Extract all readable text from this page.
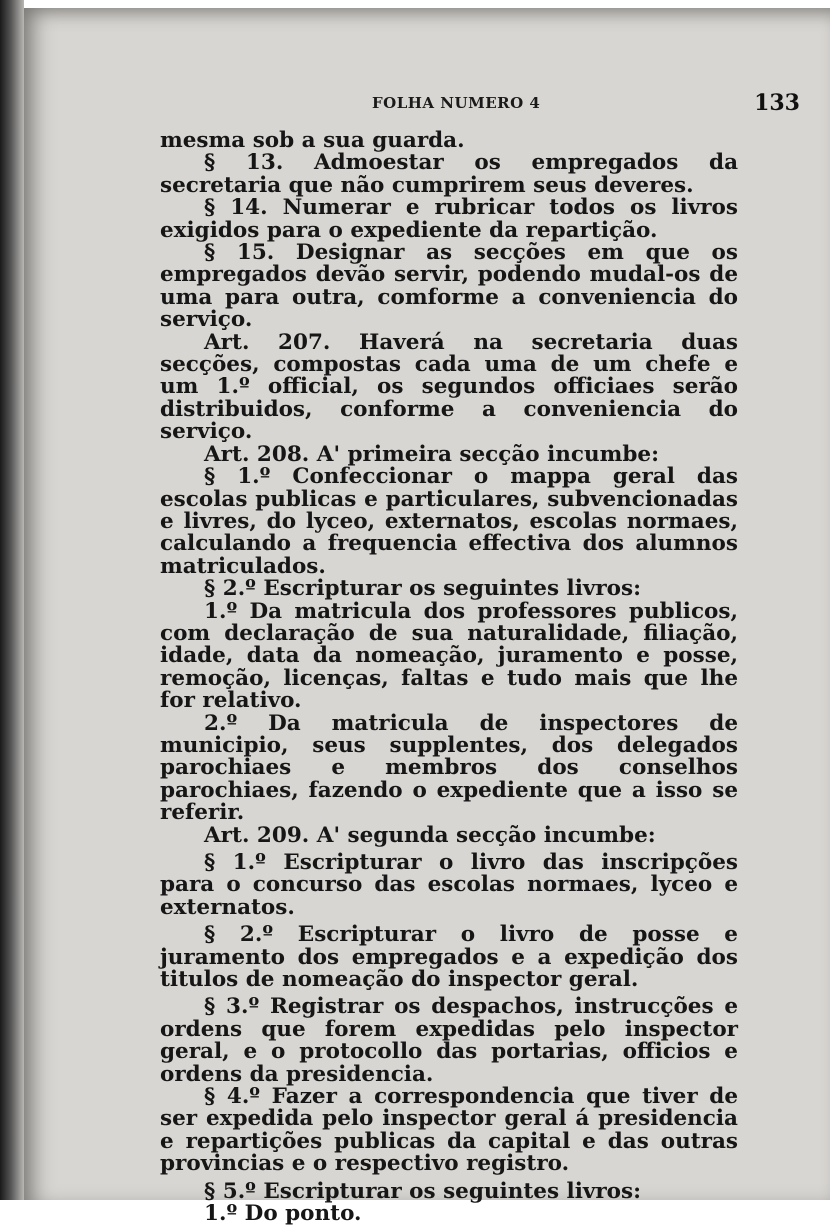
FOLHA NUMERO 4	133

mesma sob a sua guarda.

§ 13. Admoestar os empregados da secretaria que não cumprirem seus deveres.

§ 14. Numerar e rubricar todos os livros exigidos para o expediente da repartição.

§ 15. Designar as secções em que os empregados devão servir, podendo mudal-os de uma para outra, comforme a conveniencia do serviço.

Art. 207. Haverá na secretaria duas secções, compostas cada uma de um chefe e um 1.º official, os segundos officiaes serão distribuidos, conforme a conveniencia do serviço.

Art. 208. A' primeira secção incumbe:

§ 1.º Confeccionar o mappa geral das escolas publicas e particulares, subvencionadas e livres, do lyceo, externatos, escolas normaes, calculando a frequencia effectiva dos alumnos matriculados.

§ 2.º Escripturar os seguintes livros:

1.º Da matricula dos professores publicos, com declaração de sua naturalidade, filiação, idade, data da nomeação, juramento e posse, remoção, licenças, faltas e tudo mais que lhe for relativo.

2.º Da matricula de inspectores de municipio, seus supplentes, dos delegados parochiaes e membros dos conselhos parochiaes, fazendo o expediente que a isso se referir.

Art. 209. A' segunda secção incumbe:

§ 1.º Escripturar o livro das inscripções para o concurso das escolas normaes, lyceo e externatos.

§ 2.º Escripturar o livro de posse e juramento dos empregados e a expedição dos titulos de nomeação do inspector geral.

§ 3.º Registrar os despachos, instrucções e ordens que forem expedidas pelo inspector geral, e o protocollo das portarias, officios e ordens da presidencia.

§ 4.º Fazer a correspondencia que tiver de ser expedida pelo inspector geral á presidencia e repartições publicas da capital e das outras provincias e o respectivo registro.

§ 5.º Escripturar os seguintes livros:

1.º Do ponto.
